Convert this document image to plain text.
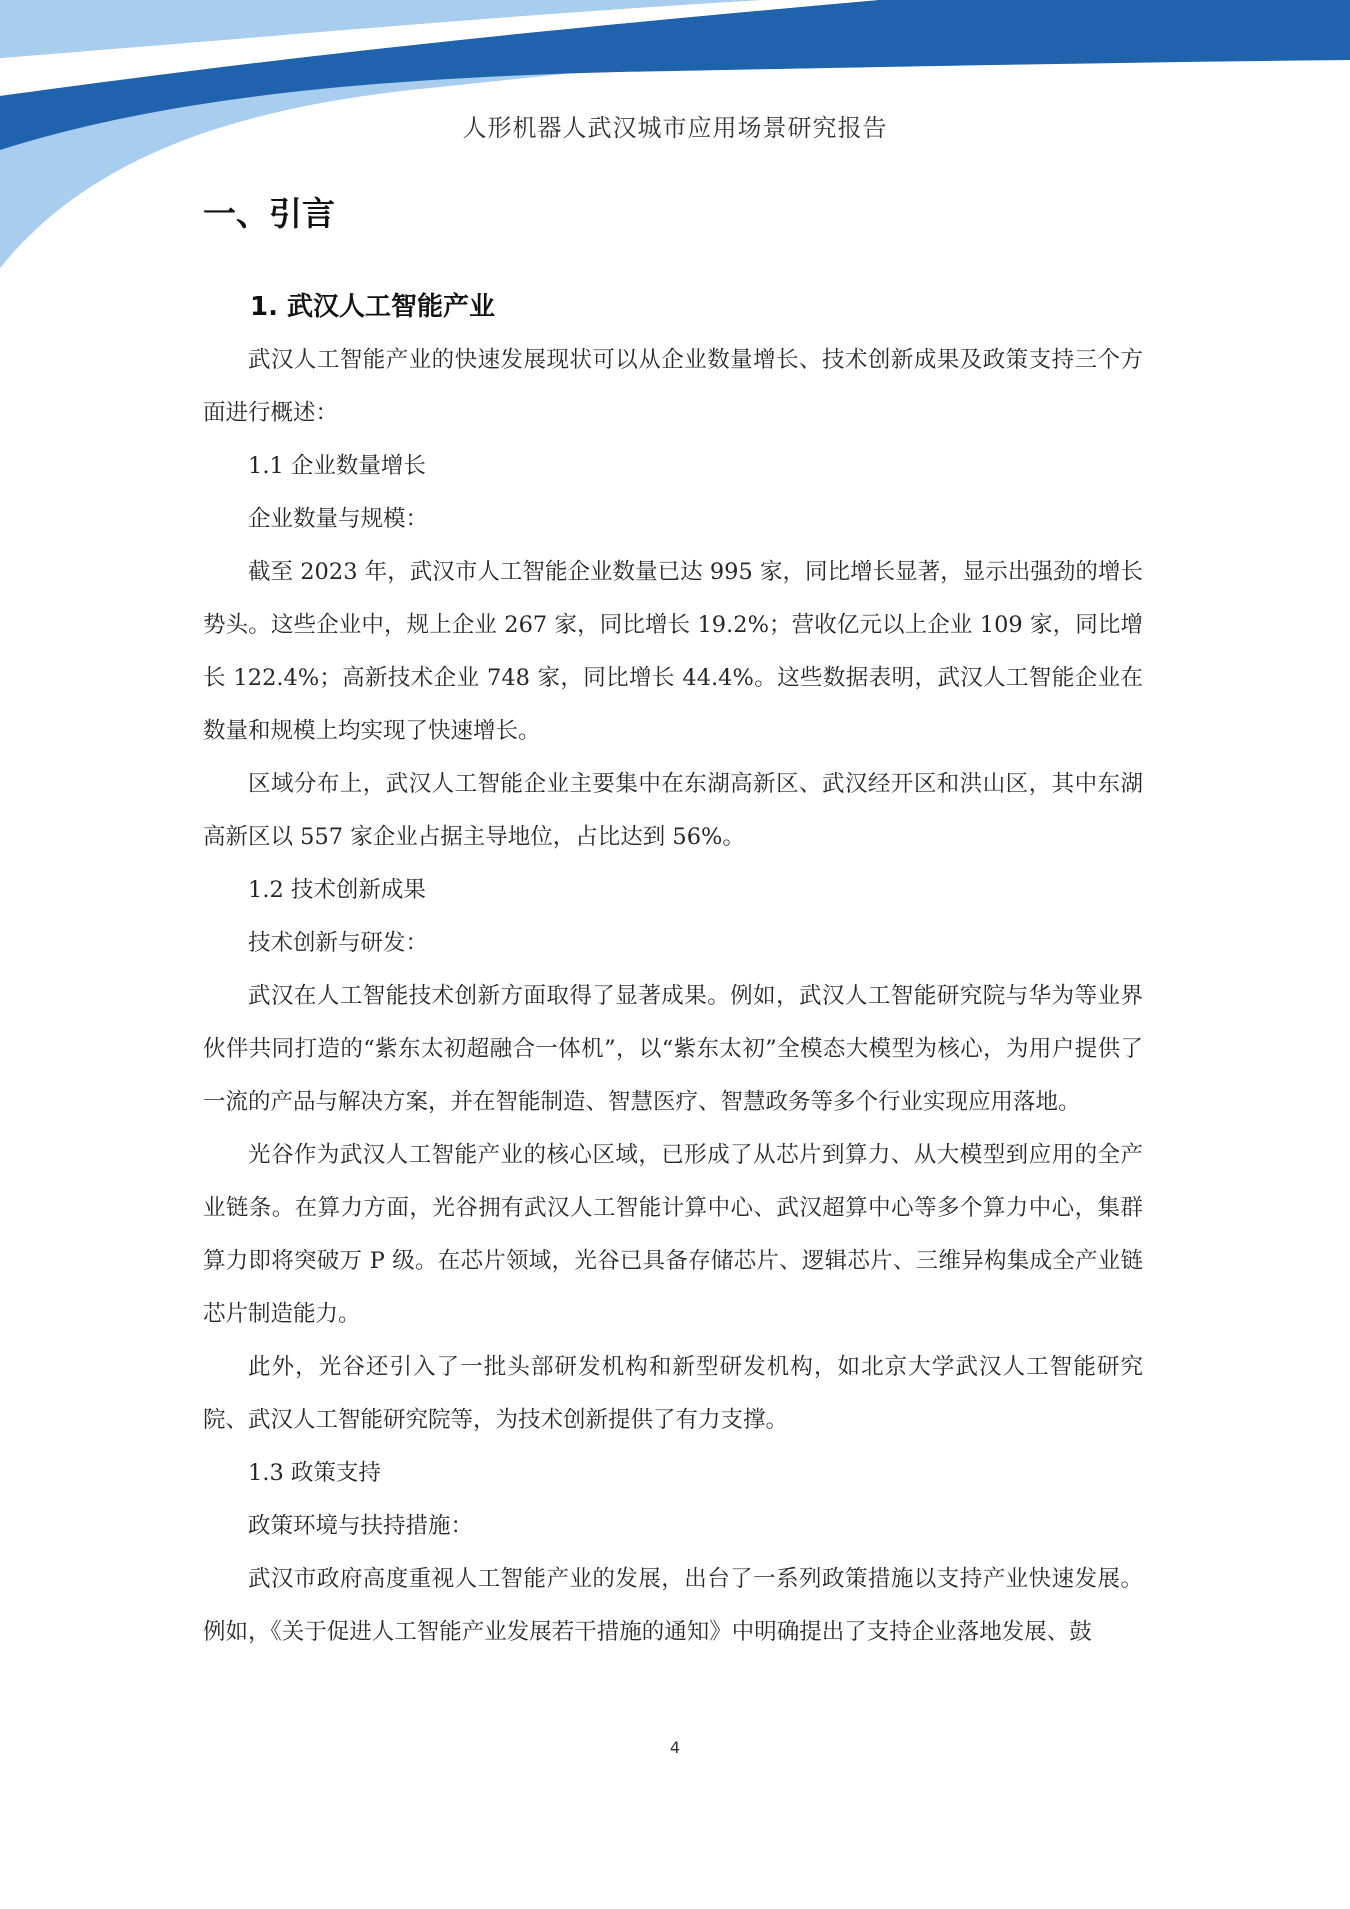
人形机器人武汉城市应用场景研究报告
一、引言
1. 武汉人工智能产业

武汉人工智能产业的快速发展现状可以从企业数量增长、技术创新成果及政策支持三个方面进行概述：

1.1 企业数量增长

企业数量与规模：

截至 2023 年，武汉市人工智能企业数量已达 995 家，同比增长显著，显示出强劲的增长势头。这些企业中，规上企业 267 家，同比增长 19.2%；营收亿元以上企业 109 家，同比增长 122.4%；高新技术企业 748 家，同比增长 44.4%。这些数据表明，武汉人工智能企业在数量和规模上均实现了快速增长。

区域分布上，武汉人工智能企业主要集中在东湖高新区、武汉经开区和洪山区，其中东湖高新区以 557 家企业占据主导地位，占比达到 56%。

1.2 技术创新成果

技术创新与研发：

武汉在人工智能技术创新方面取得了显著成果。例如，武汉人工智能研究院与华为等业界伙伴共同打造的“紫东太初超融合一体机”，以“紫东太初”全模态大模型为核心，为用户提供了一流的产品与解决方案，并在智能制造、智慧医疗、智慧政务等多个行业实现应用落地。

光谷作为武汉人工智能产业的核心区域，已形成了从芯片到算力、从大模型到应用的全产业链条。在算力方面，光谷拥有武汉人工智能计算中心、武汉超算中心等多个算力中心，集群算力即将突破万 P 级。在芯片领域，光谷已具备存储芯片、逻辑芯片、三维异构集成全产业链芯片制造能力。

此外，光谷还引入了一批头部研发机构和新型研发机构，如北京大学武汉人工智能研究院、武汉人工智能研究院等，为技术创新提供了有力支撑。

1.3 政策支持

政策环境与扶持措施：

武汉市政府高度重视人工智能产业的发展，出台了一系列政策措施以支持产业快速发展。例如，《关于促进人工智能产业发展若干措施的通知》中明确提出了支持企业落地发展、鼓

4
